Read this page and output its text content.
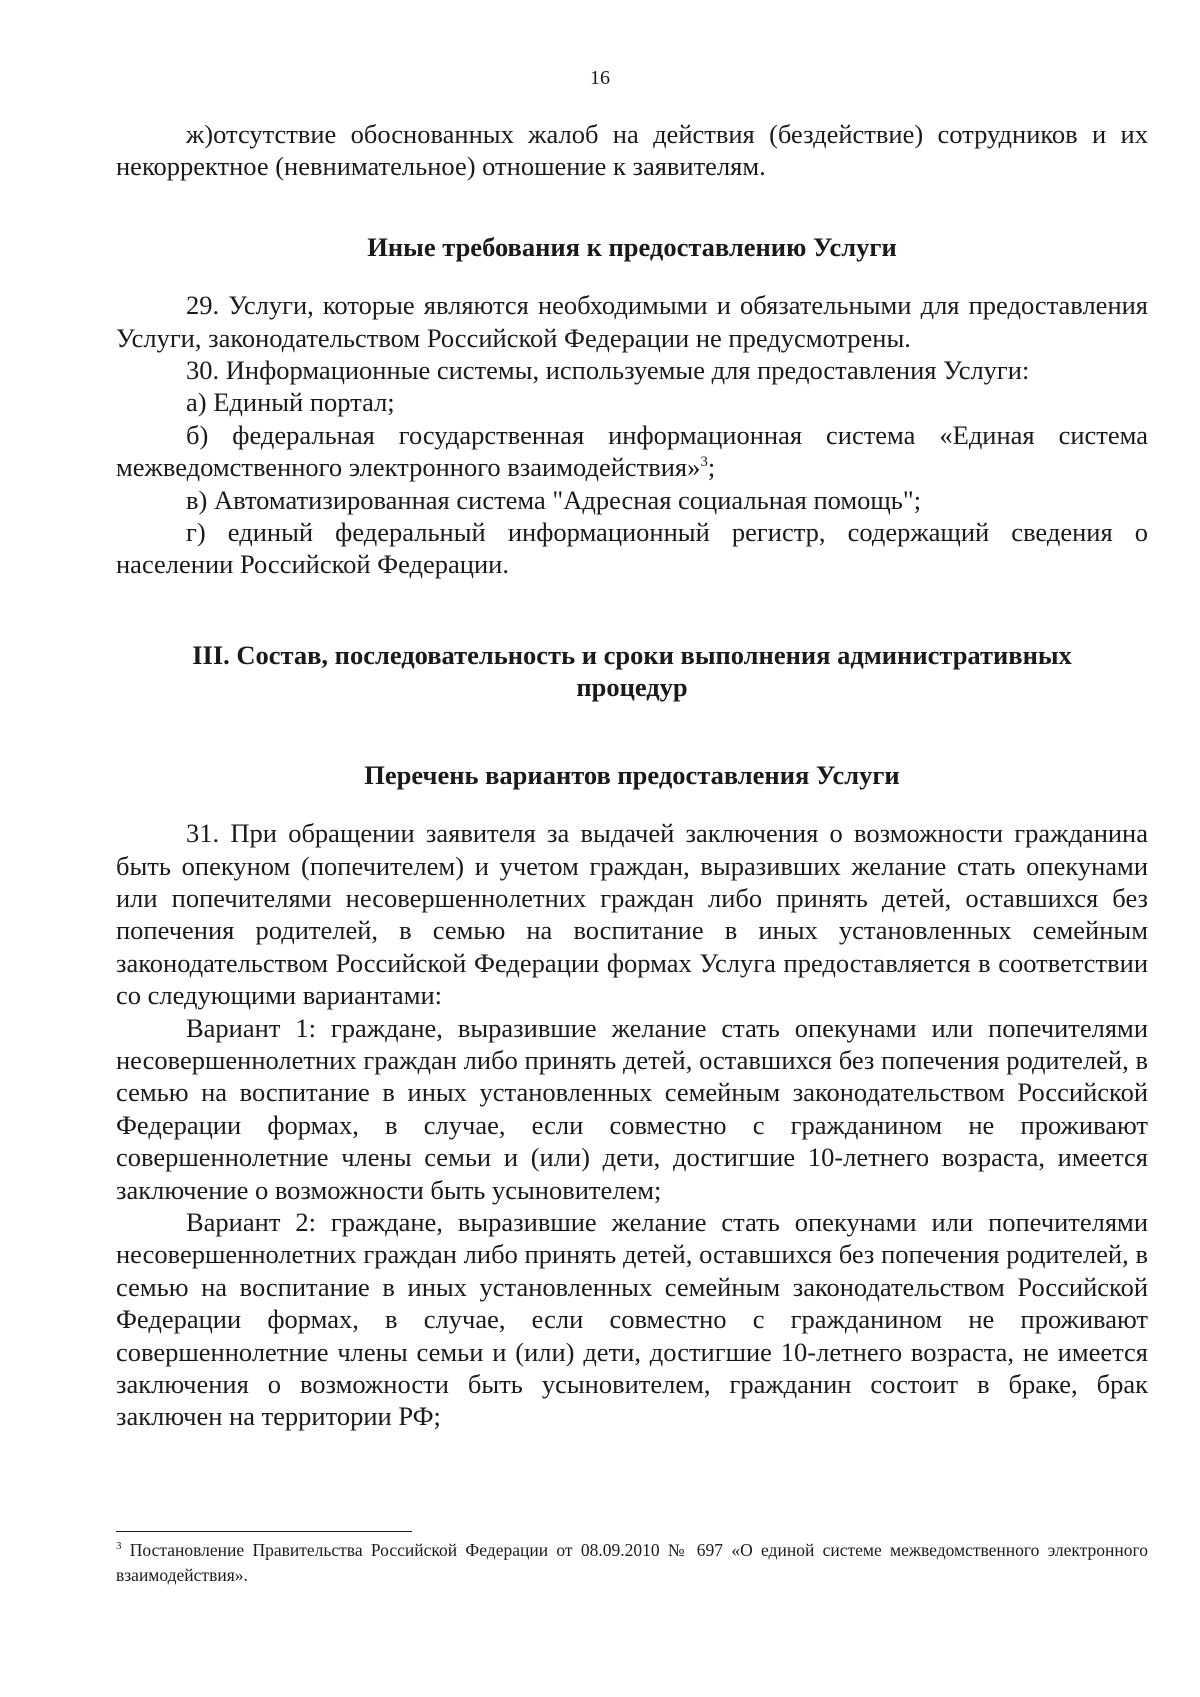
16

ж)отсутствие обоснованных жалоб на действия (бездействие) сотрудников и их некорректное (невнимательное) отношение к заявителям.

Иные требования к предоставлению Услуги

29. Услуги, которые являются необходимыми и обязательными для предоставления Услуги, законодательством Российской Федерации не предусмотрены.

30. Информационные системы, используемые для предоставления Услуги:

а) Единый портал;

б) федеральная государственная информационная система «Единая система межведомственного электронного взаимодействия»$^3$;

в) Автоматизированная система "Адресная социальная помощь";

г) единый федеральный информационный регистр, содержащий сведения о населении Российской Федерации.

III. Состав, последовательность и сроки выполнения административных процедур

Перечень вариантов предоставления Услуги

31. При обращении заявителя за выдачей заключения о возможности гражданина быть опекуном (попечителем) и учетом граждан, выразивших желание стать опекунами или попечителями несовершеннолетних граждан либо принять детей, оставшихся без попечения родителей, в семью на воспитание в иных установленных семейным законодательством Российской Федерации формах Услуга предоставляется в соответствии со следующими вариантами:

Вариант 1: граждане, выразившие желание стать опекунами или попечителями несовершеннолетних граждан либо принять детей, оставшихся без попечения родителей, в семью на воспитание в иных установленных семейным законодательством Российской Федерации формах, в случае, если совместно с гражданином не проживают совершеннолетние члены семьи и (или) дети, достигшие 10-летнего возраста, имеется заключение о возможности быть усыновителем;

Вариант 2: граждане, выразившие желание стать опекунами или попечителями несовершеннолетних граждан либо принять детей, оставшихся без попечения родителей, в семью на воспитание в иных установленных семейным законодательством Российской Федерации формах, в случае, если совместно с гражданином не проживают совершеннолетние члены семьи и (или) дети, достигшие 10-летнего возраста, не имеется заключения о возможности быть усыновителем, гражданин состоит в браке, брак заключен на территории РФ;

$^3$ Постановление Правительства Российской Федерации от 08.09.2010 № 697 «О единой системе межведомственного электронного взаимодействия».
